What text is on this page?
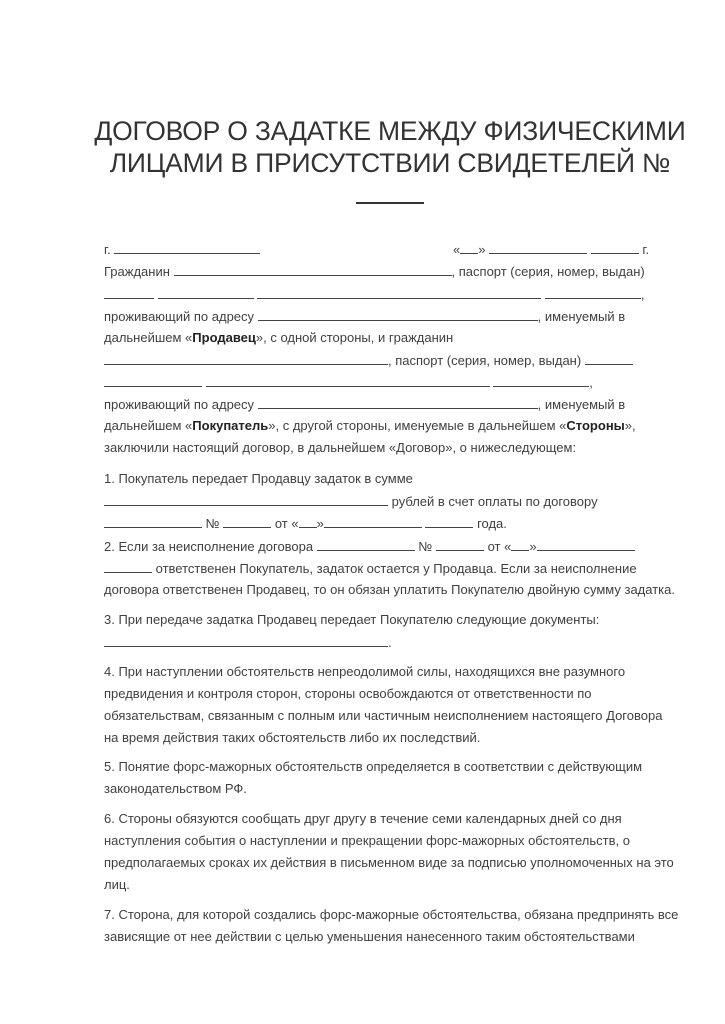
ДОГОВОР О ЗАДАТКЕ МЕЖДУ ФИЗИЧЕСКИМИ
ЛИЦАМИ В ПРИСУТСТВИИ СВИДЕТЕЛЕЙ №
г.	« »	г.
Гражданин	, паспорт (серия, номер, выдан)
,
проживающий по адресу	, именуемый в
дальнейшем «Продавец», с одной стороны, и гражданин
, паспорт (серия, номер, выдан)
,
проживающий по адресу	, именуемый в
дальнейшем «Покупатель», с другой стороны, именуемые в дальнейшем «Стороны»,
заключили настоящий договор, в дальнейшем «Договор», о нижеследующем:
1. Покупатель передает Продавцу задаток в сумме
рублей в счет оплаты по договору
№	от « »	года.
2. Если за неисполнение договора	№	от « »
ответственен Покупатель, задаток остается у Продавца. Если за неисполнение
договора ответственен Продавец, то он обязан уплатить Покупателю двойную сумму задатка.
3. При передаче задатка Продавец передает Покупателю следующие документы:
.
4. При наступлении обстоятельств непреодолимой силы, находящихся вне разумного
предвидения и контроля сторон, стороны освобождаются от ответственности по
обязательствам, связанным с полным или частичным неисполнением настоящего Договора
на время действия таких обстоятельств либо их последствий.
5. Понятие форс-мажорных обстоятельств определяется в соответствии с действующим
законодательством РФ.
6. Стороны обязуются сообщать друг другу в течение семи календарных дней со дня
наступления события о наступлении и прекращении форс-мажорных обстоятельств, о
предполагаемых сроках их действия в письменном виде за подписью уполномоченных на это
лиц.
7. Сторона, для которой создались форс-мажорные обстоятельства, обязана предпринять все
зависящие от нее действии с целью уменьшения нанесенного таким обстоятельствами
